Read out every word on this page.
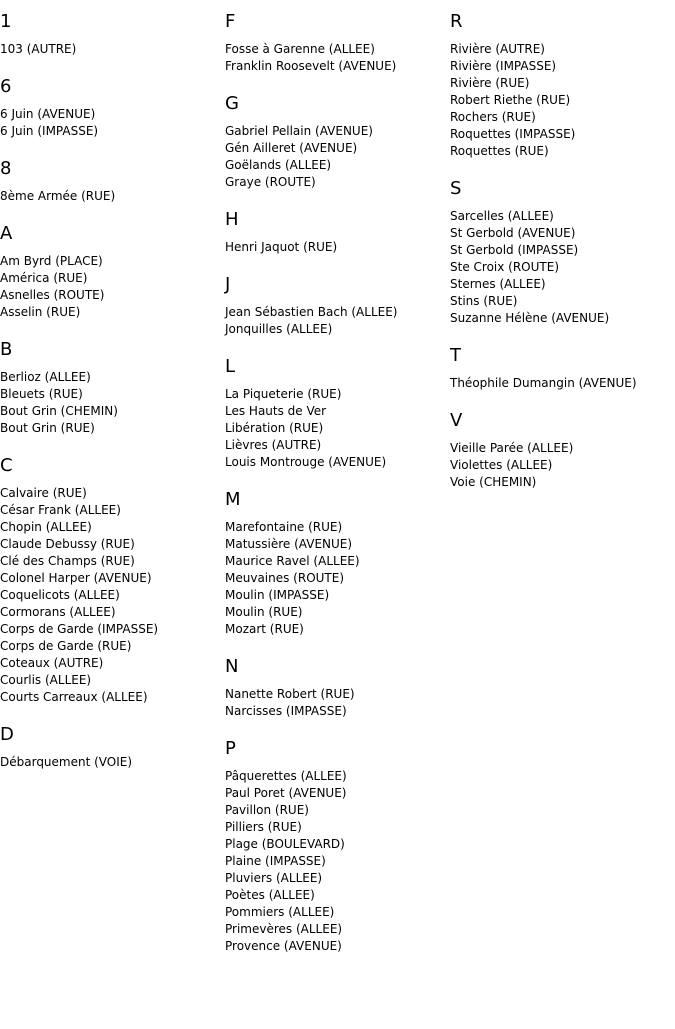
1
103 (AUTRE)
6
6 Juin (AVENUE)
6 Juin (IMPASSE)
8
8ème Armée (RUE)
A
Am Byrd (PLACE)
América (RUE)
Asnelles (ROUTE)
Asselin (RUE)
B
Berlioz (ALLEE)
Bleuets (RUE)
Bout Grin (CHEMIN)
Bout Grin (RUE)
C
Calvaire (RUE)
César Frank (ALLEE)
Chopin (ALLEE)
Claude Debussy (RUE)
Clé des Champs (RUE)
Colonel Harper (AVENUE)
Coquelicots (ALLEE)
Cormorans (ALLEE)
Corps de Garde (IMPASSE)
Corps de Garde (RUE)
Coteaux (AUTRE)
Courlis (ALLEE)
Courts Carreaux (ALLEE)
D
Débarquement (VOIE)
F
Fosse à Garenne (ALLEE)
Franklin Roosevelt (AVENUE)
G
Gabriel Pellain (AVENUE)
Gén Ailleret (AVENUE)
Goëlands (ALLEE)
Graye (ROUTE)
H
Henri Jaquot (RUE)
J
Jean Sébastien Bach (ALLEE)
Jonquilles (ALLEE)
L
La Piqueterie (RUE)
Les Hauts de Ver
Libération (RUE)
Lièvres (AUTRE)
Louis Montrouge (AVENUE)
M
Marefontaine (RUE)
Matussière (AVENUE)
Maurice Ravel (ALLEE)
Meuvaines (ROUTE)
Moulin (IMPASSE)
Moulin (RUE)
Mozart (RUE)
N
Nanette Robert (RUE)
Narcisses (IMPASSE)
P
Pâquerettes (ALLEE)
Paul Poret (AVENUE)
Pavillon (RUE)
Pilliers (RUE)
Plage (BOULEVARD)
Plaine (IMPASSE)
Pluviers (ALLEE)
Poètes (ALLEE)
Pommiers (ALLEE)
Primevères (ALLEE)
Provence (AVENUE)
R
Rivière (AUTRE)
Rivière (IMPASSE)
Rivière (RUE)
Robert Riethe (RUE)
Rochers (RUE)
Roquettes (IMPASSE)
Roquettes (RUE)
S
Sarcelles (ALLEE)
St Gerbold (AVENUE)
St Gerbold (IMPASSE)
Ste Croix (ROUTE)
Sternes (ALLEE)
Stins (RUE)
Suzanne Hélène (AVENUE)
T
Théophile Dumangin (AVENUE)
V
Vieille Parée (ALLEE)
Violettes (ALLEE)
Voie (CHEMIN)
